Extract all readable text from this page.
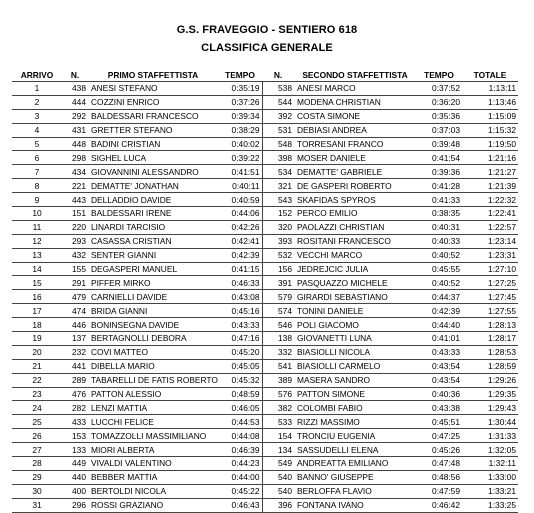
G.S. FRAVEGGIO - SENTIERO 618
CLASSIFICA GENERALE
ARRIVO	N.	PRIMO STAFFETTISTA	TEMPO	N.	SECONDO STAFFETTISTA	TEMPO	TOTALE
1	438	ANESI STEFANO	0:35:19	538	ANESI MARCO	0:37:52	1:13:11
2	444	COZZINI ENRICO	0:37:26	544	MODENA CHRISTIAN	0:36:20	1:13:46
3	292	BALDESSARI FRANCESCO	0:39:34	392	COSTA SIMONE	0:35:36	1:15:09
4	431	GRETTER STEFANO	0:38:29	531	DEBIASI ANDREA	0:37:03	1:15:32
5	448	BADINI CRISTIAN	0:40:02	548	TORRESANI FRANCO	0:39:48	1:19:50
6	298	SIGHEL LUCA	0:39:22	398	MOSER DANIELE	0:41:54	1:21:16
7	434	GIOVANNINI ALESSANDRO	0:41:51	534	DEMATTE' GABRIELE	0:39:36	1:21:27
8	221	DEMATTE' JONATHAN	0:40:11	321	DE GASPERI ROBERTO	0:41:28	1:21:39
9	443	DELLADDIO DAVIDE	0:40:59	543	SKAFIDAS SPYROS	0:41:33	1:22:32
10	151	BALDESSARI IRENE	0:44:06	152	PERCO EMILIO	0:38:35	1:22:41
11	220	LINARDI TARCISIO	0:42:26	320	PAOLAZZI CHRISTIAN	0:40:31	1:22:57
12	293	CASASSA CRISTIAN	0:42:41	393	ROSITANI FRANCESCO	0:40:33	1:23:14
13	432	SENTER GIANNI	0:42:39	532	VECCHI MARCO	0:40:52	1:23:31
14	155	DEGASPERI MANUEL	0:41:15	156	JEDREJCIC JULIA	0:45:55	1:27:10
15	291	PIFFER MIRKO	0:46:33	391	PASQUAZZO MICHELE	0:40:52	1:27:25
16	479	CARNIELLI DAVIDE	0:43:08	579	GIRARDI SEBASTIANO	0:44:37	1:27:45
17	474	BRIDA GIANNI	0:45:16	574	TONINI DANIELE	0:42:39	1:27:55
18	446	BONINSEGNA DAVIDE	0:43:33	546	POLI GIACOMO	0:44:40	1:28:13
19	137	BERTAGNOLLI DEBORA	0:47:16	138	GIOVANETTI LUNA	0:41:01	1:28:17
20	232	COVI MATTEO	0:45:20	332	BIASIOLLI NICOLA	0:43:33	1:28:53
21	441	DIBELLA MARIO	0:45:05	541	BIASIOLLI CARMELO	0:43:54	1:28:59
22	289	TABARELLI DE FATIS ROBERTO	0:45:32	389	MASERA SANDRO	0:43:54	1:29:26
23	476	PATTON ALESSIO	0:48:59	576	PATTON SIMONE	0:40:36	1:29:35
24	282	LENZI MATTIA	0:46:05	382	COLOMBI FABIO	0:43:38	1:29:43
25	433	LUCCHI FELICE	0:44:53	533	RIZZI MASSIMO	0:45:51	1:30:44
26	153	TOMAZZOLLI MASSIMILIANO	0:44:08	154	TRONCIU EUGENIA	0:47:25	1:31:33
27	133	MIORI ALBERTA	0:46:39	134	SASSUDELLI ELENA	0:45:26	1:32:05
28	449	VIVALDI VALENTINO	0:44:23	549	ANDREATTA EMILIANO	0:47:48	1:32:11
29	440	BEBBER MATTIA	0:44:00	540	BANNO' GIUSEPPE	0:48:56	1:33:00
30	400	BERTOLDI NICOLA	0:45:22	540	BERLOFFA FLAVIO	0:47:59	1:33:21
31	296	ROSSI GRAZIANO	0:46:43	396	FONTANA IVANO	0:46:42	1:33:25
